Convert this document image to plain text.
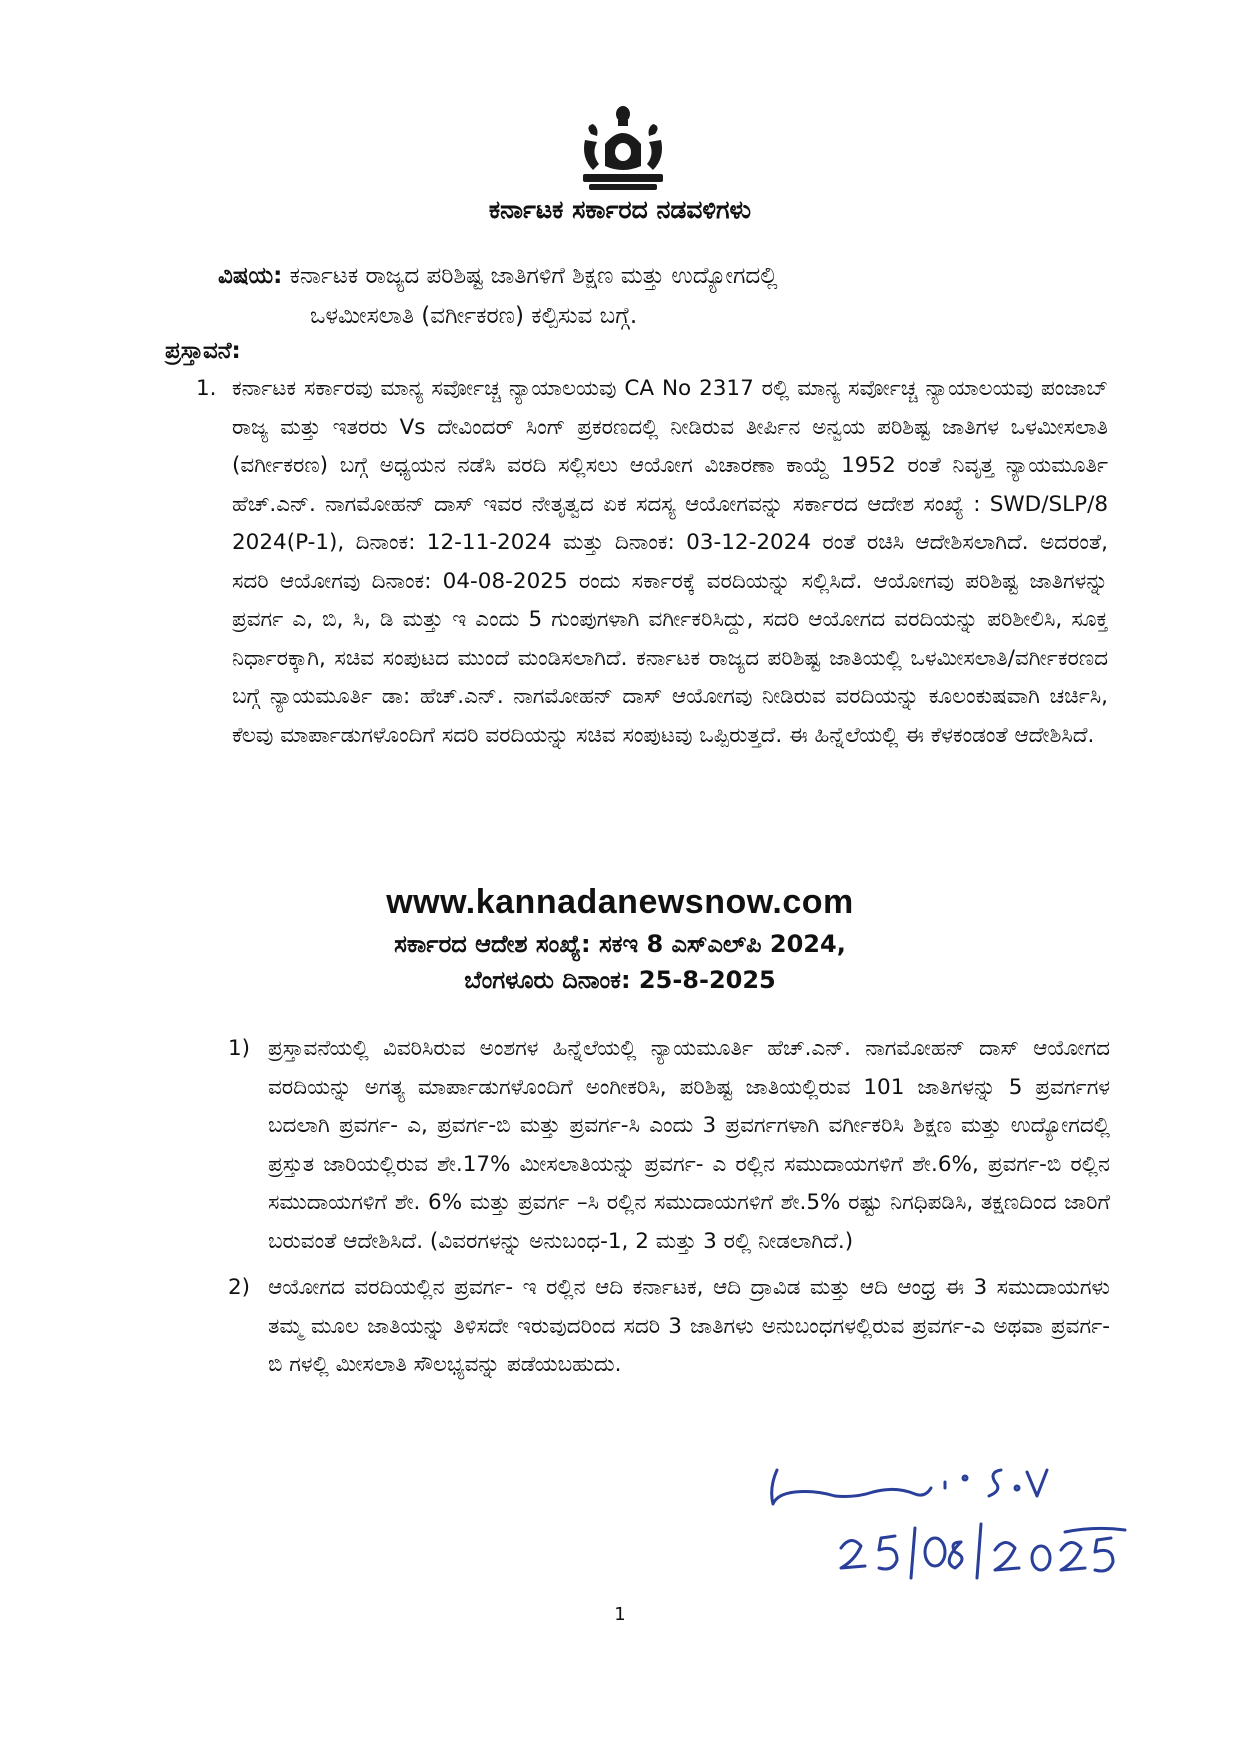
ಕರ್ನಾಟಕ ಸರ್ಕಾರದ ನಡವಳಿಗಳು
ವಿಷಯ: ಕರ್ನಾಟಕ ರಾಜ್ಯದ ಪರಿಶಿಷ್ಟ ಜಾತಿಗಳಿಗೆ ಶಿಕ್ಷಣ ಮತ್ತು ಉದ್ಯೋಗದಲ್ಲಿ
ಒಳಮೀಸಲಾತಿ (ವರ್ಗೀಕರಣ) ಕಲ್ಪಿಸುವ ಬಗ್ಗೆ.
ಪ್ರಸ್ತಾವನೆ:
1. ಕರ್ನಾಟಕ ಸರ್ಕಾರವು ಮಾನ್ಯ ಸರ್ವೋಚ್ಚ ನ್ಯಾಯಾಲಯವು CA No 2317 ರಲ್ಲಿ ಮಾನ್ಯ ಸರ್ವೋಚ್ಚ ನ್ಯಾಯಾಲಯವು ಪಂಜಾಬ್ ರಾಜ್ಯ ಮತ್ತು ಇತರರು Vs ದೇವಿಂದರ್ ಸಿಂಗ್ ಪ್ರಕರಣದಲ್ಲಿ ನೀಡಿರುವ ತೀರ್ಪಿನ ಅನ್ವಯ ಪರಿಶಿಷ್ಟ ಜಾತಿಗಳ ಒಳಮೀಸಲಾತಿ (ವರ್ಗೀಕರಣ) ಬಗ್ಗೆ ಅಧ್ಯಯನ ನಡೆಸಿ ವರದಿ ಸಲ್ಲಿಸಲು ಆಯೋಗ ವಿಚಾರಣಾ ಕಾಯ್ದೆ 1952 ರಂತೆ ನಿವೃತ್ತ ನ್ಯಾಯಮೂರ್ತಿ ಹೆಚ್.ಎನ್. ನಾಗಮೋಹನ್ ದಾಸ್ ಇವರ ನೇತೃತ್ವದ ಏಕ ಸದಸ್ಯ ಆಯೋಗವನ್ನು ಸರ್ಕಾರದ ಆದೇಶ ಸಂಖ್ಯೆ : SWD/SLP/8 2024(P-1), ದಿನಾಂಕ: 12-11-2024 ಮತ್ತು ದಿನಾಂಕ: 03-12-2024 ರಂತೆ ರಚಿಸಿ ಆದೇಶಿಸಲಾಗಿದೆ. ಅದರಂತೆ, ಸದರಿ ಆಯೋಗವು ದಿನಾಂಕ: 04-08-2025 ರಂದು ಸರ್ಕಾರಕ್ಕೆ ವರದಿಯನ್ನು ಸಲ್ಲಿಸಿದೆ. ಆಯೋಗವು ಪರಿಶಿಷ್ಟ ಜಾತಿಗಳನ್ನು ಪ್ರವರ್ಗ ಎ, ಬಿ, ಸಿ, ಡಿ ಮತ್ತು ಇ ಎಂದು 5 ಗುಂಪುಗಳಾಗಿ ವರ್ಗೀಕರಿಸಿದ್ದು, ಸದರಿ ಆಯೋಗದ ವರದಿಯನ್ನು ಪರಿಶೀಲಿಸಿ, ಸೂಕ್ತ ನಿರ್ಧಾರಕ್ಕಾಗಿ, ಸಚಿವ ಸಂಪುಟದ ಮುಂದೆ ಮಂಡಿಸಲಾಗಿದೆ. ಕರ್ನಾಟಕ ರಾಜ್ಯದ ಪರಿಶಿಷ್ಟ ಜಾತಿಯಲ್ಲಿ ಒಳಮೀಸಲಾತಿ/ವರ್ಗೀಕರಣದ ಬಗ್ಗೆ ನ್ಯಾಯಮೂರ್ತಿ ಡಾ: ಹೆಚ್.ಎನ್. ನಾಗಮೋಹನ್ ದಾಸ್ ಆಯೋಗವು ನೀಡಿರುವ ವರದಿಯನ್ನು ಕೂಲಂಕುಷವಾಗಿ ಚರ್ಚಿಸಿ, ಕೆಲವು ಮಾರ್ಪಾಡುಗಳೊಂದಿಗೆ ಸದರಿ ವರದಿಯನ್ನು ಸಚಿವ ಸಂಪುಟವು ಒಪ್ಪಿರುತ್ತದೆ. ಈ ಹಿನ್ನೆಲೆಯಲ್ಲಿ ಈ ಕೆಳಕಂಡಂತೆ ಆದೇಶಿಸಿದೆ.
www.kannadanewsnow.com
ಸರ್ಕಾರದ ಆದೇಶ ಸಂಖ್ಯೆ: ಸಕಇ 8 ಎಸ್ಎಲ್‌ಪಿ 2024,
ಬೆಂಗಳೂರು ದಿನಾಂಕ: 25-8-2025
1) ಪ್ರಸ್ತಾವನೆಯಲ್ಲಿ ವಿವರಿಸಿರುವ ಅಂಶಗಳ ಹಿನ್ನೆಲೆಯಲ್ಲಿ ನ್ಯಾಯಮೂರ್ತಿ ಹೆಚ್.ಎನ್. ನಾಗಮೋಹನ್ ದಾಸ್ ಆಯೋಗದ ವರದಿಯನ್ನು ಅಗತ್ಯ ಮಾರ್ಪಾಡುಗಳೊಂದಿಗೆ ಅಂಗೀಕರಿಸಿ, ಪರಿಶಿಷ್ಟ ಜಾತಿಯಲ್ಲಿರುವ 101 ಜಾತಿಗಳನ್ನು 5 ಪ್ರವರ್ಗಗಳ ಬದಲಾಗಿ ಪ್ರವರ್ಗ- ಎ, ಪ್ರವರ್ಗ-ಬಿ ಮತ್ತು ಪ್ರವರ್ಗ-ಸಿ ಎಂದು 3 ಪ್ರವರ್ಗಗಳಾಗಿ ವರ್ಗೀಕರಿಸಿ ಶಿಕ್ಷಣ ಮತ್ತು ಉದ್ಯೋಗದಲ್ಲಿ ಪ್ರಸ್ತುತ ಜಾರಿಯಲ್ಲಿರುವ ಶೇ.17% ಮೀಸಲಾತಿಯನ್ನು ಪ್ರವರ್ಗ- ಎ ರಲ್ಲಿನ ಸಮುದಾಯಗಳಿಗೆ ಶೇ.6%, ಪ್ರವರ್ಗ-ಬಿ ರಲ್ಲಿನ ಸಮುದಾಯಗಳಿಗೆ ಶೇ. 6% ಮತ್ತು ಪ್ರವರ್ಗ –ಸಿ ರಲ್ಲಿನ ಸಮುದಾಯಗಳಿಗೆ ಶೇ.5% ರಷ್ಟು ನಿಗಧಿಪಡಿಸಿ, ತಕ್ಷಣದಿಂದ ಜಾರಿಗೆ ಬರುವಂತೆ ಆದೇಶಿಸಿದೆ. (ವಿವರಗಳನ್ನು ಅನುಬಂಧ-1, 2 ಮತ್ತು 3 ರಲ್ಲಿ ನೀಡಲಾಗಿದೆ.)
2) ಆಯೋಗದ ವರದಿಯಲ್ಲಿನ ಪ್ರವರ್ಗ- ಇ ರಲ್ಲಿನ ಆದಿ ಕರ್ನಾಟಕ, ಆದಿ ದ್ರಾವಿಡ ಮತ್ತು ಆದಿ ಆಂಧ್ರ ಈ 3 ಸಮುದಾಯಗಳು ತಮ್ಮ ಮೂಲ ಜಾತಿಯನ್ನು ತಿಳಿಸದೇ ಇರುವುದರಿಂದ ಸದರಿ 3 ಜಾತಿಗಳು ಅನುಬಂಧಗಳಲ್ಲಿರುವ ಪ್ರವರ್ಗ-ಎ ಅಥವಾ ಪ್ರವರ್ಗ-ಬಿ ಗಳಲ್ಲಿ ಮೀಸಲಾತಿ ಸೌಲಭ್ಯವನ್ನು ಪಡೆಯಬಹುದು.
1
